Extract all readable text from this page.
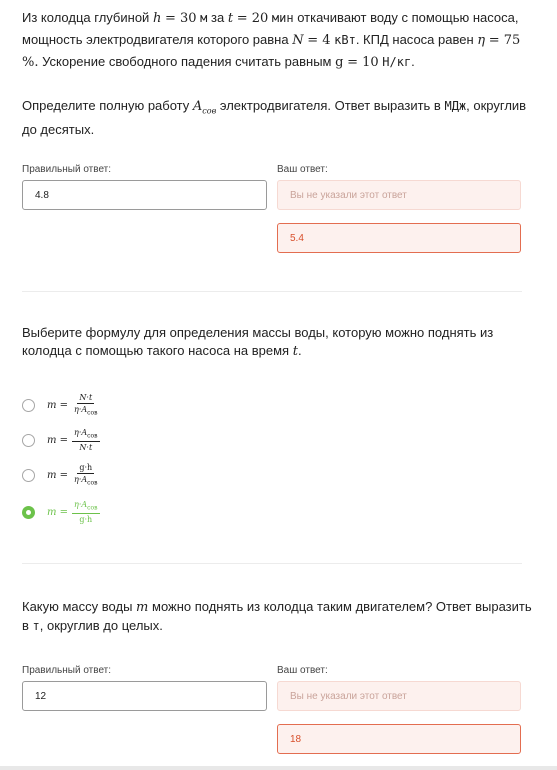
Из колодца глубиной h = 30 м за t = 20 мин откачивают воду с помощью насоса, мощность электродвигателя которого равна N = 4 кВт. КПД насоса равен η = 75 %. Ускорение свободного падения считать равным g = 10 Н/кг.
Определите полную работу $A_{сов}$ электродвигателя. Ответ выразить в МДж, округлив до десятых.
Правильный ответ:
4.8
Ваш ответ:
Вы не указали этот ответ
5.4
Выберите формулу для определения массы воды, которую можно поднять из колодца с помощью такого насоса на время t.
$m = \frac{N\cdot t}{\eta\cdot A_{сов}}$
$m = \frac{\eta\cdot A_{сов}}{N\cdot t}$
$m = \frac{g\cdot h}{\eta\cdot A_{сов}}$
$m = \frac{\eta\cdot A_{сов}}{g\cdot h}$
Какую массу воды m можно поднять из колодца таким двигателем? Ответ выразить в т, округлив до целых.
Правильный ответ:
12
Ваш ответ:
Вы не указали этот ответ
18
